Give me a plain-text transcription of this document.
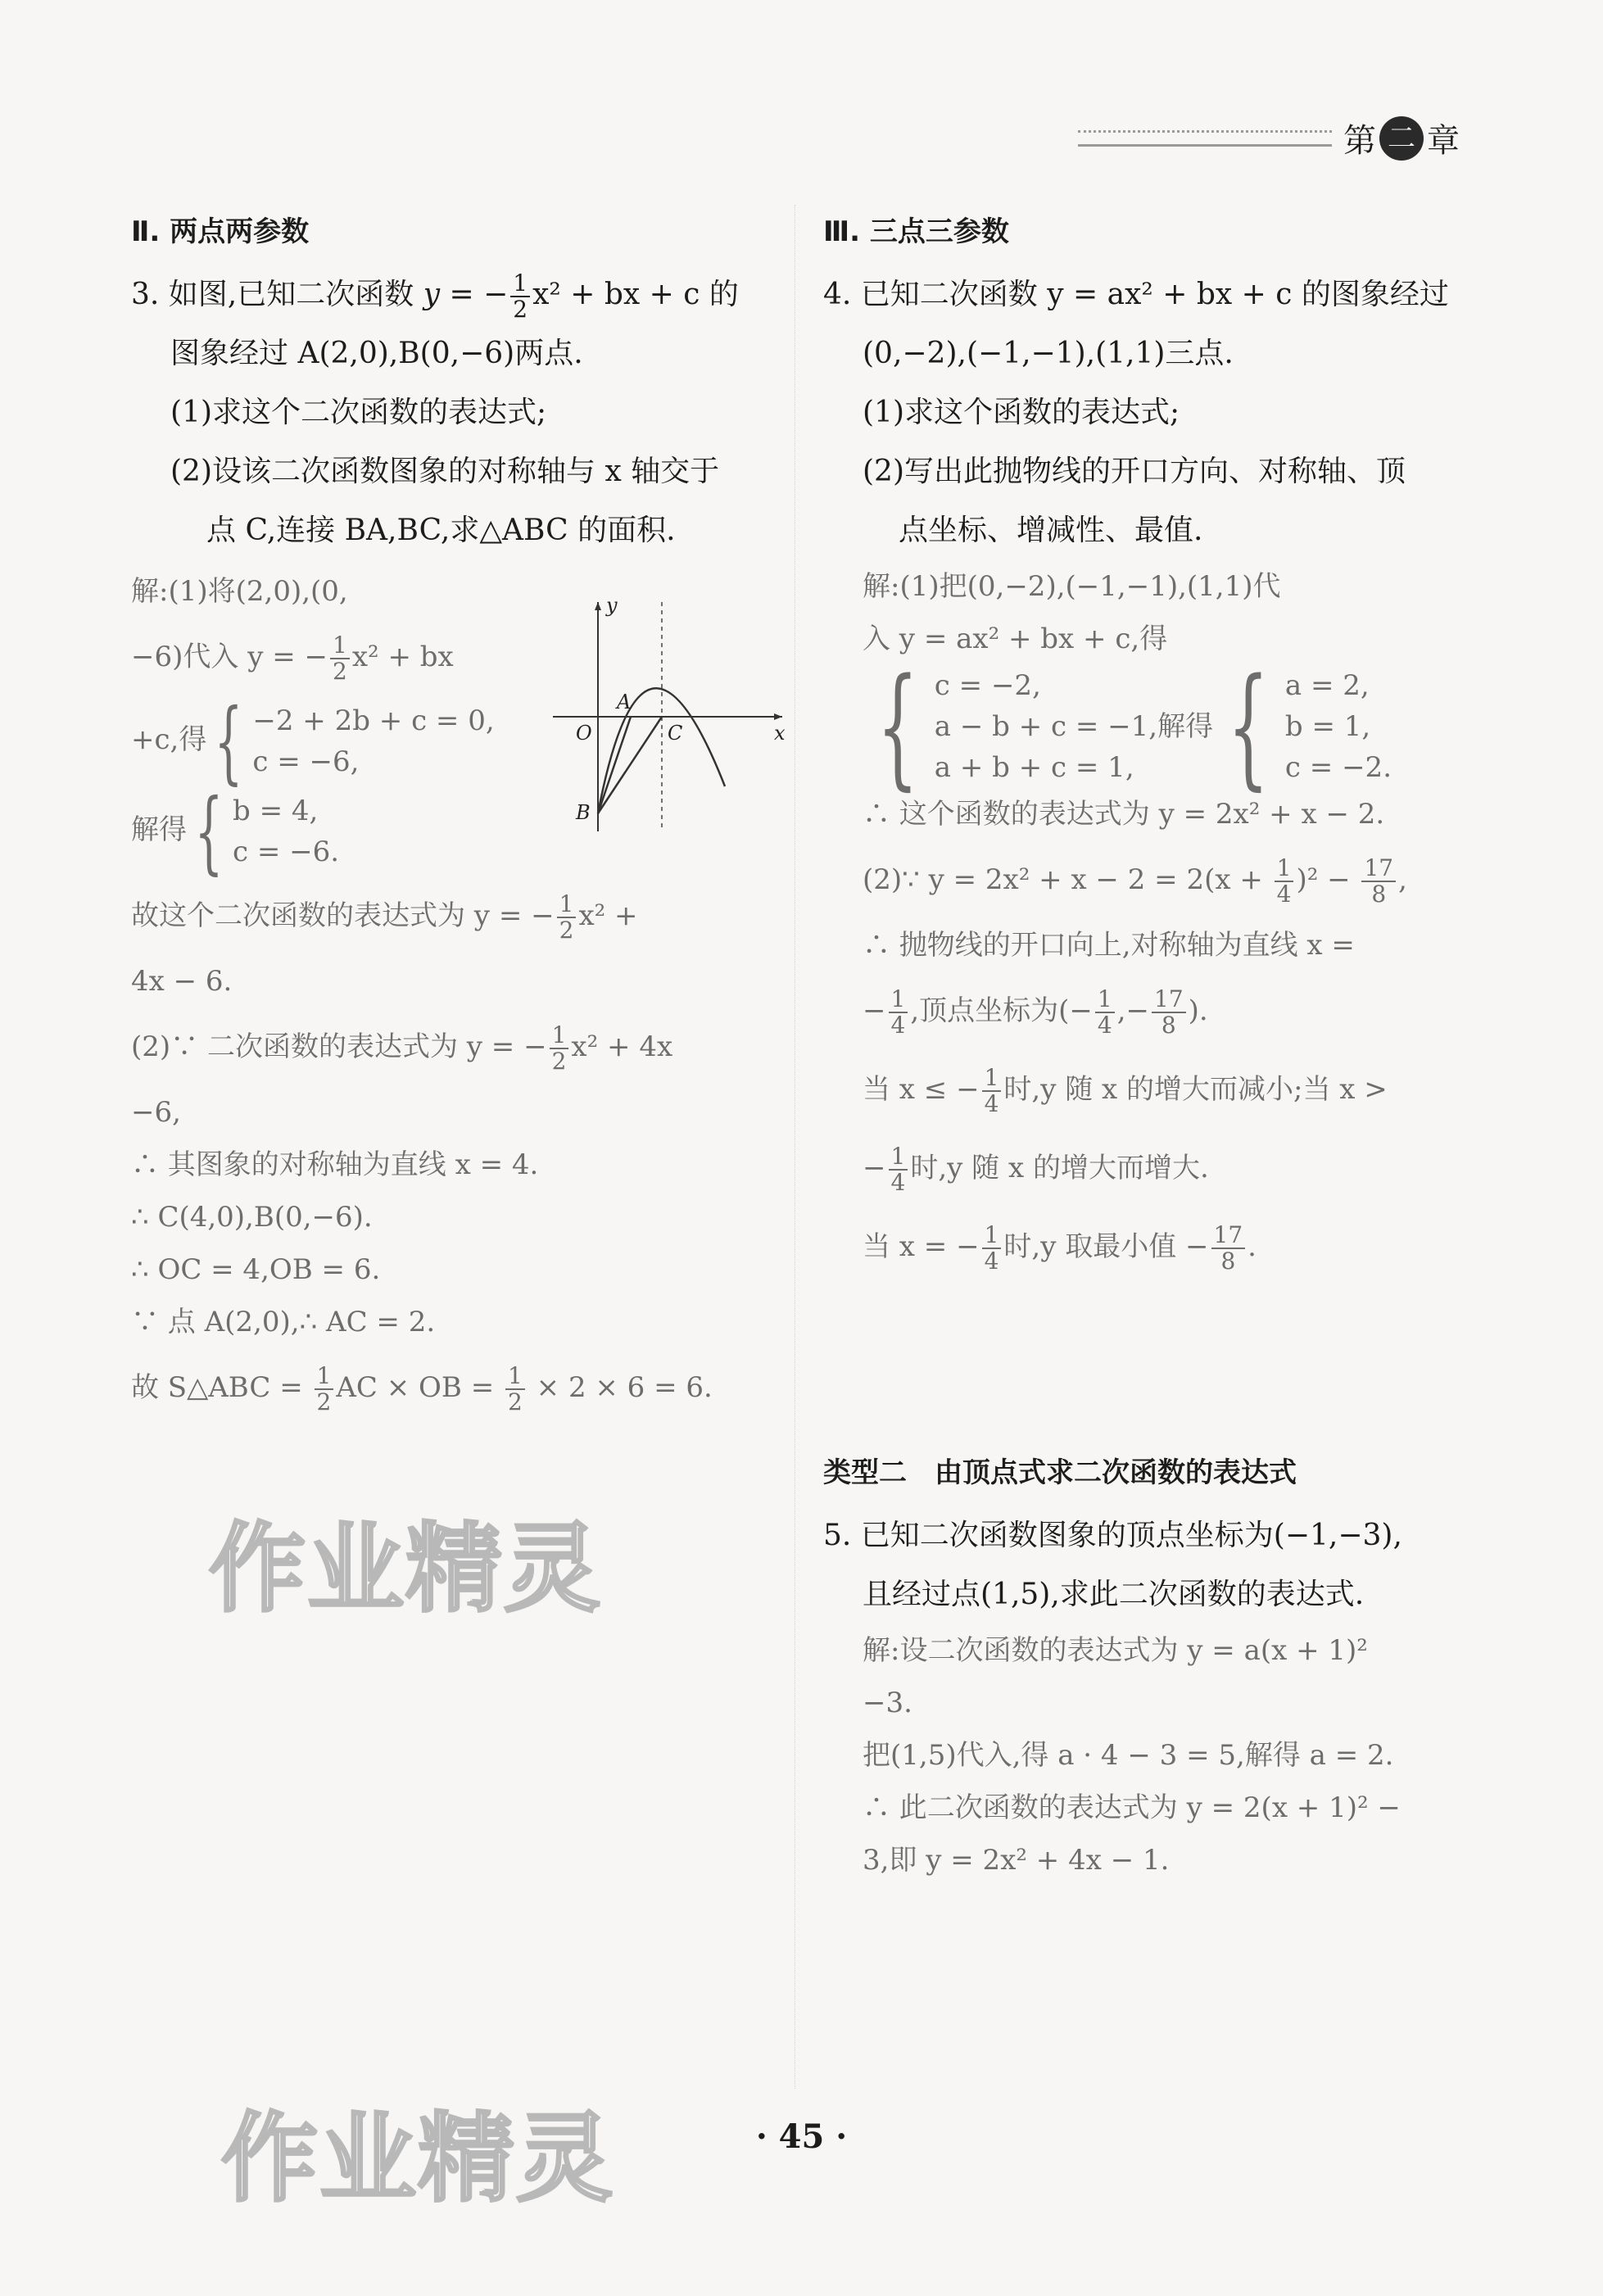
第 二 章
Ⅱ. 两点两参数
3. 如图,已知二次函数 y = − $\frac{1}{2} x^2$ + bx + c 的
图象经过 A(2,0),B(0,−6)两点.
(1)求这个二次函数的表达式;
(2)设该二次函数图象的对称轴与 x 轴交于
点 C,连接 BA,BC,求△ABC 的面积.
解:(1)将(2,0),(0,
−6)代入 y = − $\frac{1}{2} x^2$ + bx
+c,得 { −2 + 2b + c = 0,
c = −6,
解得 { b = 4,
c = −6.
故这个二次函数的表达式为 y = − $\frac{1}{2} x^2$ +
4x − 6.
(2)∵ 二次函数的表达式为 y = − $\frac{1}{2} x^2 + 4x$
−6,
∴ 其图象的对称轴为直线 x = 4.
∴ C(4,0),B(0,−6).
∴ OC = 4,OB = 6.
∵ 点 A(2,0),∴ AC = 2.
故 S△ABC = $\frac{1}{2}$ AC × OB = $\frac{1}{2} \times 2 \times 6 = 6$.
y
x
O
A
C
B
Ⅲ. 三点三参数
4. 已知二次函数 y = ax² + bx + c 的图象经过
(0,−2),(−1,−1),(1,1)三点.
(1)求这个函数的表达式;
(2)写出此抛物线的开口方向、对称轴、顶
点坐标、增减性、最值.
解:(1)把(0,−2),(−1,−1),(1,1)代
入 y = ax² + bx + c,得
{ c = −2,
a − b + c = −1,
a + b + c = 1,
解得 { a = 2,
b = 1,
c = −2.
∴ 这个函数的表达式为 y = 2x² + x − 2.
(2)∵ $y = 2x^2 + x - 2 = 2(x + \frac{1}{4} )^2 - \frac{17}{8}$ ,
∴ 抛物线的开口向上,对称轴为直线 x =
− $\frac{1}{4}$ ,顶点坐标为(− $\frac{1}{4}$ ,− $\frac{17}{8}$ ).
当 x ≤ − $\frac{1}{4}$ 时,y 随 x 的增大而减小;当 x >
− $\frac{1}{4}$ 时,y 随 x 的增大而增大.
当 x = − $\frac{1}{4}$ 时,y 取最小值 − $\frac{17}{8}$ .
类型二　由顶点式求二次函数的表达式
5. 已知二次函数图象的顶点坐标为(−1,−3),
且经过点(1,5),求此二次函数的表达式.
解:设二次函数的表达式为 y = a(x + 1)²
−3.
把(1,5)代入,得 a · 4 − 3 = 5,解得 a = 2.
∴ 此二次函数的表达式为 y = 2(x + 1)² −
3,即 y = 2x² + 4x − 1.
作业精灵
作业精灵	· 45 ·
